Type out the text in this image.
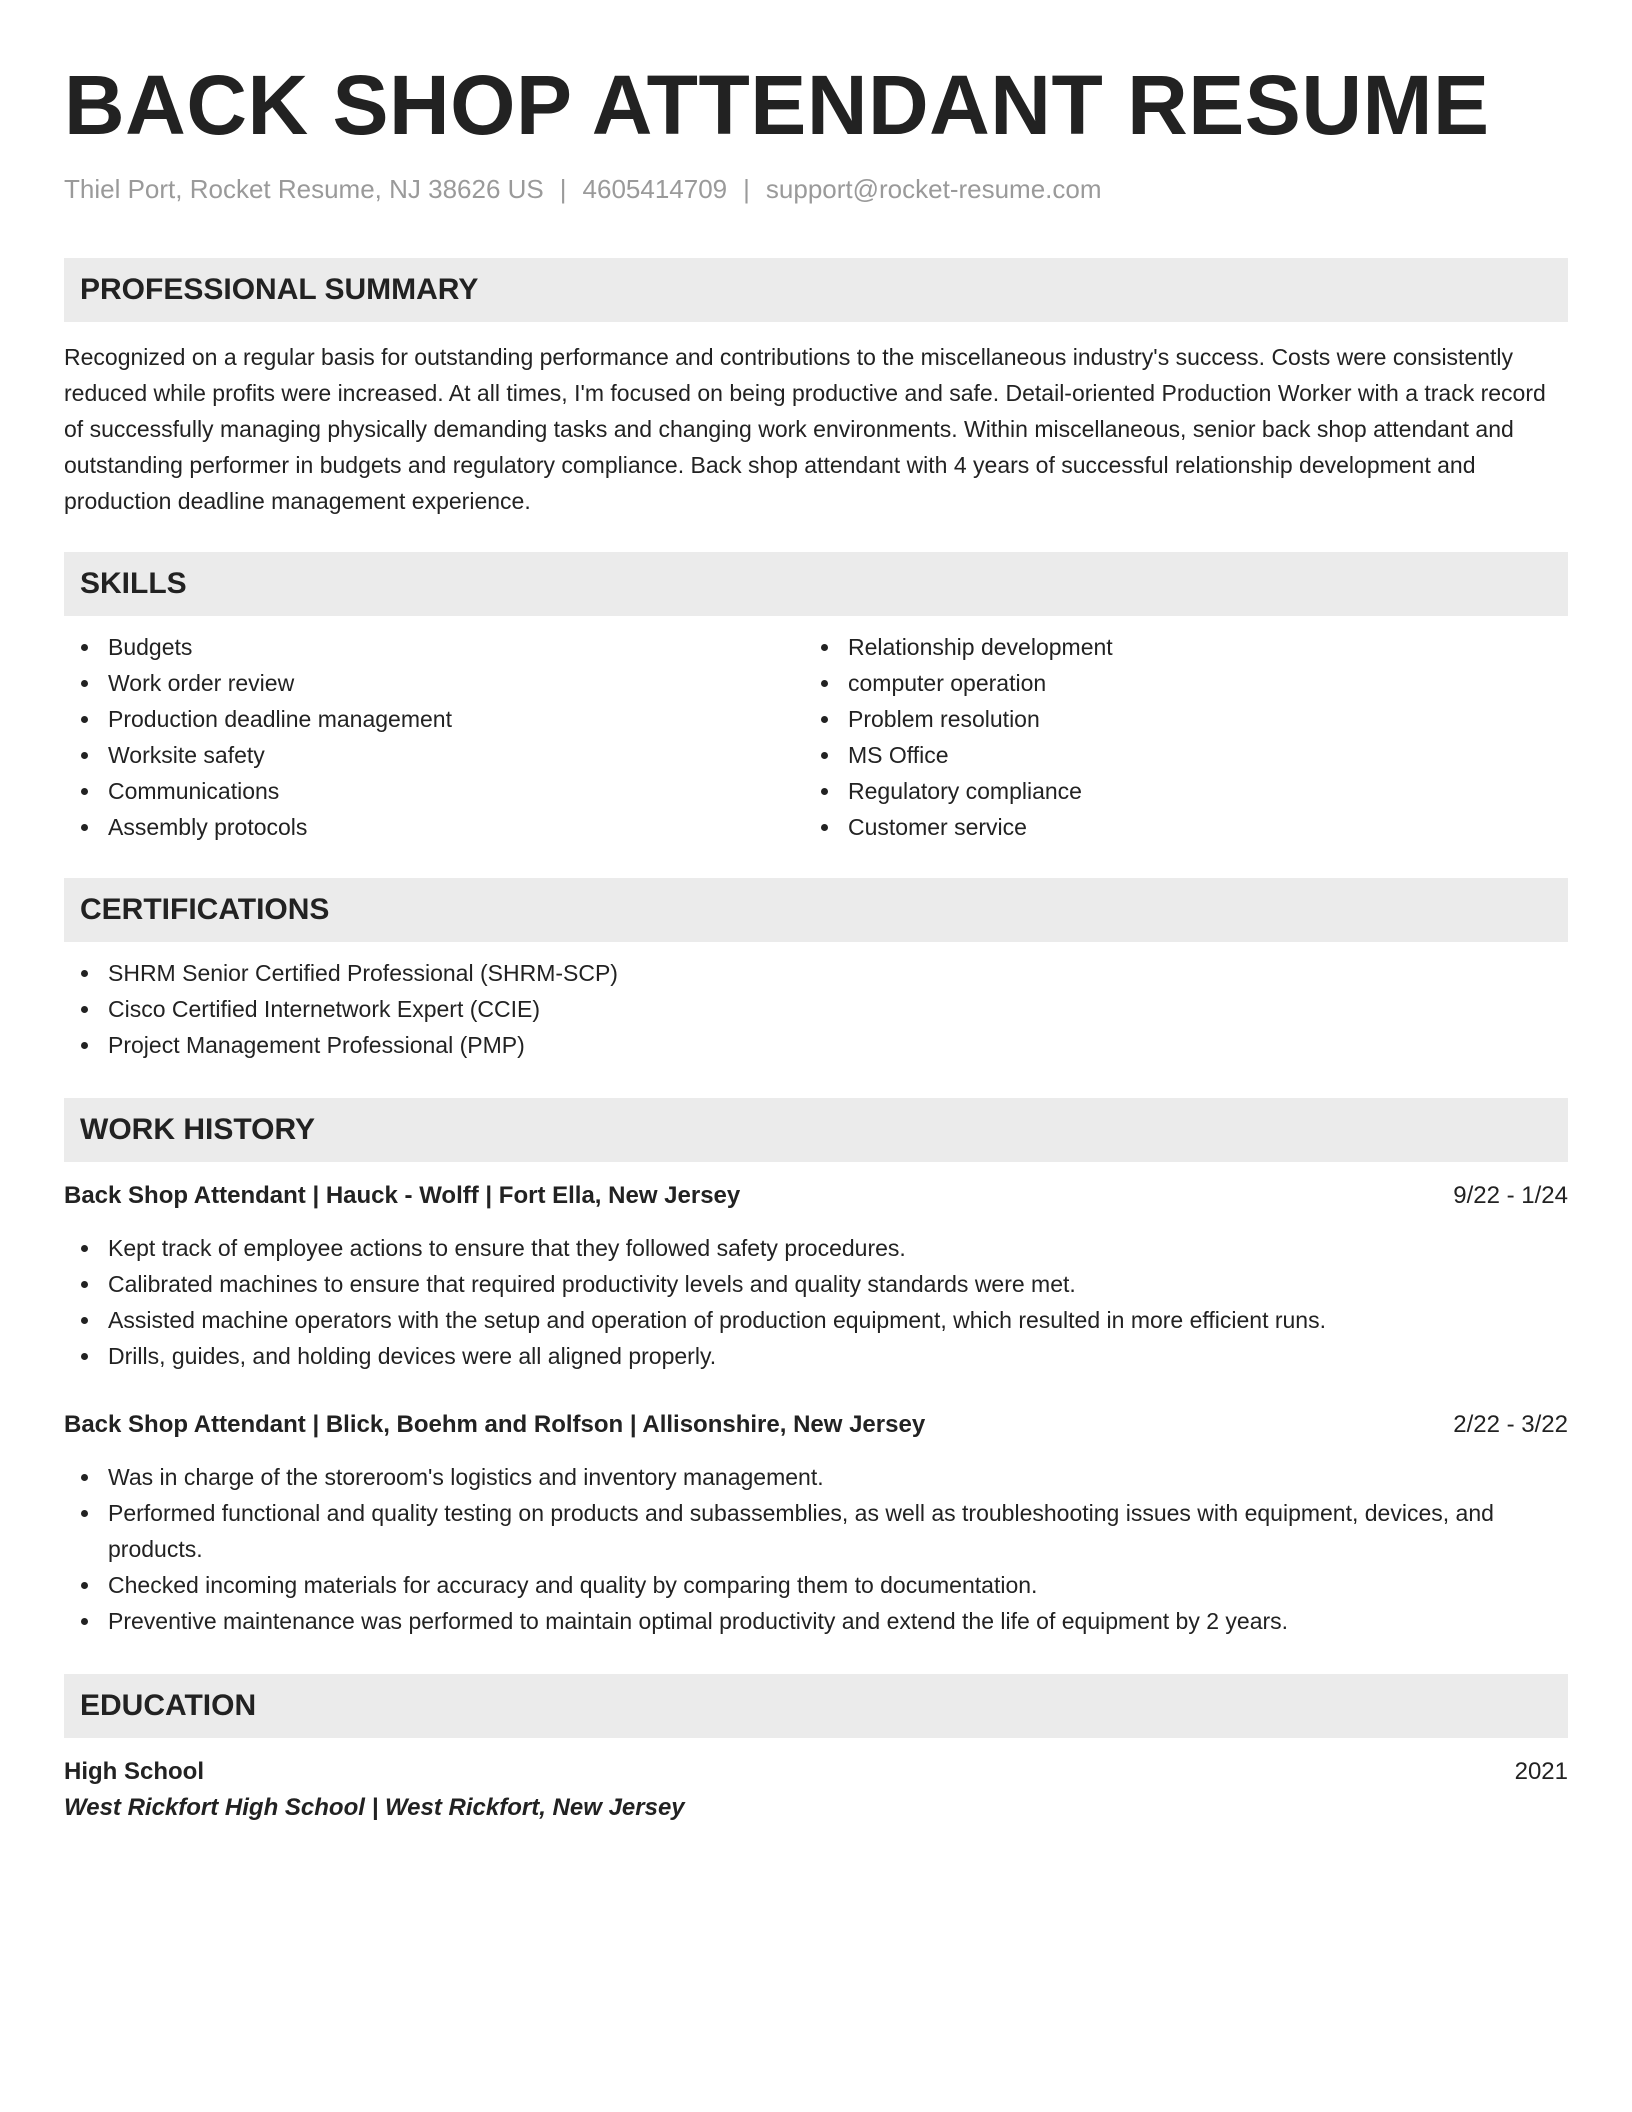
BACK SHOP ATTENDANT RESUME
Thiel Port, Rocket Resume, NJ 38626 US | 4605414709 | support@rocket-resume.com
PROFESSIONAL SUMMARY

Recognized on a regular basis for outstanding performance and contributions to the miscellaneous industry's success. Costs were consistently reduced while profits were increased. At all times, I'm focused on being productive and safe. Detail-oriented Production Worker with a track record of successfully managing physically demanding tasks and changing work environments. Within miscellaneous, senior back shop attendant and outstanding performer in budgets and regulatory compliance. Back shop attendant with 4 years of successful relationship development and production deadline management experience.

SKILLS
Budgets
Work order review
Production deadline management
Worksite safety
Communications
Assembly protocols
Relationship development
computer operation
Problem resolution
MS Office
Regulatory compliance
Customer service
CERTIFICATIONS
SHRM Senior Certified Professional (SHRM-SCP)
Cisco Certified Internetwork Expert (CCIE)
Project Management Professional (PMP)
WORK HISTORY
Back Shop Attendant | Hauck - Wolff | Fort Ella, New Jersey	9/22 - 1/24
Kept track of employee actions to ensure that they followed safety procedures.
Calibrated machines to ensure that required productivity levels and quality standards were met.
Assisted machine operators with the setup and operation of production equipment, which resulted in more efficient runs.
Drills, guides, and holding devices were all aligned properly.
Back Shop Attendant | Blick, Boehm and Rolfson | Allisonshire, New Jersey	2/22 - 3/22
Was in charge of the storeroom's logistics and inventory management.
Performed functional and quality testing on products and subassemblies, as well as troubleshooting issues with equipment, devices, and products.
Checked incoming materials for accuracy and quality by comparing them to documentation.
Preventive maintenance was performed to maintain optimal productivity and extend the life of equipment by 2 years.
EDUCATION
High School	2021
West Rickfort High School | West Rickfort, New Jersey
